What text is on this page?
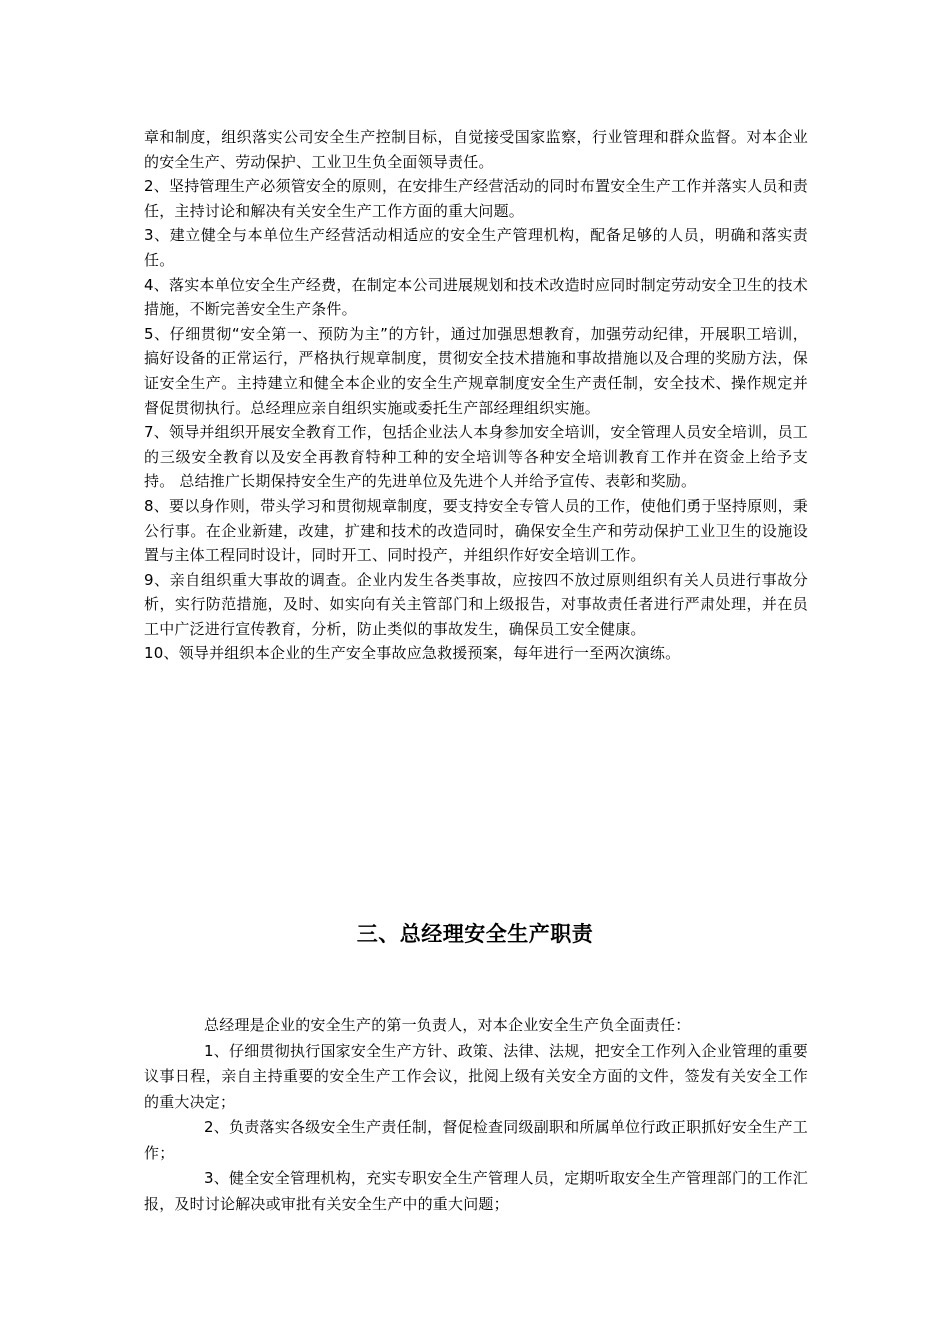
章和制度，组织落实公司安全生产控制目标，自觉接受国家监察，行业管理和群众监督。对本企业的安全生产、劳动保护、工业卫生负全面领导责任。

2、坚持管理生产必须管安全的原则，在安排生产经营活动的同时布置安全生产工作并落实人员和责任，主持讨论和解决有关安全生产工作方面的重大问题。

3、建立健全与本单位生产经营活动相适应的安全生产管理机构，配备足够的人员，明确和落实责任。

4、落实本单位安全生产经费，在制定本公司进展规划和技术改造时应同时制定劳动安全卫生的技术措施，不断完善安全生产条件。

5、仔细贯彻“安全第一、预防为主”的方针，通过加强思想教育，加强劳动纪律，开展职工培训，搞好设备的正常运行，严格执行规章制度，贯彻安全技术措施和事故措施以及合理的奖励方法，保证安全生产。主持建立和健全本企业的安全生产规章制度安全生产责任制，安全技术、操作规定并督促贯彻执行。总经理应亲自组织实施或委托生产部经理组织实施。

7、领导并组织开展安全教育工作，包括企业法人本身参加安全培训，安全管理人员安全培训，员工的三级安全教育以及安全再教育特种工种的安全培训等各种安全培训教育工作并在资金上给予支持。 总结推广长期保持安全生产的先进单位及先进个人并给予宣传、表彰和奖励。

8、要以身作则，带头学习和贯彻规章制度，要支持安全专管人员的工作，使他们勇于坚持原则，秉公行事。在企业新建，改建，扩建和技术的改造同时，确保安全生产和劳动保护工业卫生的设施设置与主体工程同时设计，同时开工、同时投产，并组织作好安全培训工作。

9、亲自组织重大事故的调查。企业内发生各类事故，应按四不放过原则组织有关人员进行事故分析，实行防范措施，及时、如实向有关主管部门和上级报告，对事故责任者进行严肃处理，并在员工中广泛进行宣传教育，分析，防止类似的事故发生，确保员工安全健康。

10、领导并组织本企业的生产安全事故应急救援预案，每年进行一至两次演练。

三、总经理安全生产职责

总经理是企业的安全生产的第一负责人，对本企业安全生产负全面责任：

1、仔细贯彻执行国家安全生产方针、政策、法律、法规，把安全工作列入企业管理的重要议事日程，亲自主持重要的安全生产工作会议，批阅上级有关安全方面的文件，签发有关安全工作的重大决定；

2、负责落实各级安全生产责任制，督促检查同级副职和所属单位行政正职抓好安全生产工作；

3、健全安全管理机构，充实专职安全生产管理人员，定期听取安全生产管理部门的工作汇报，及时讨论解决或审批有关安全生产中的重大问题；
